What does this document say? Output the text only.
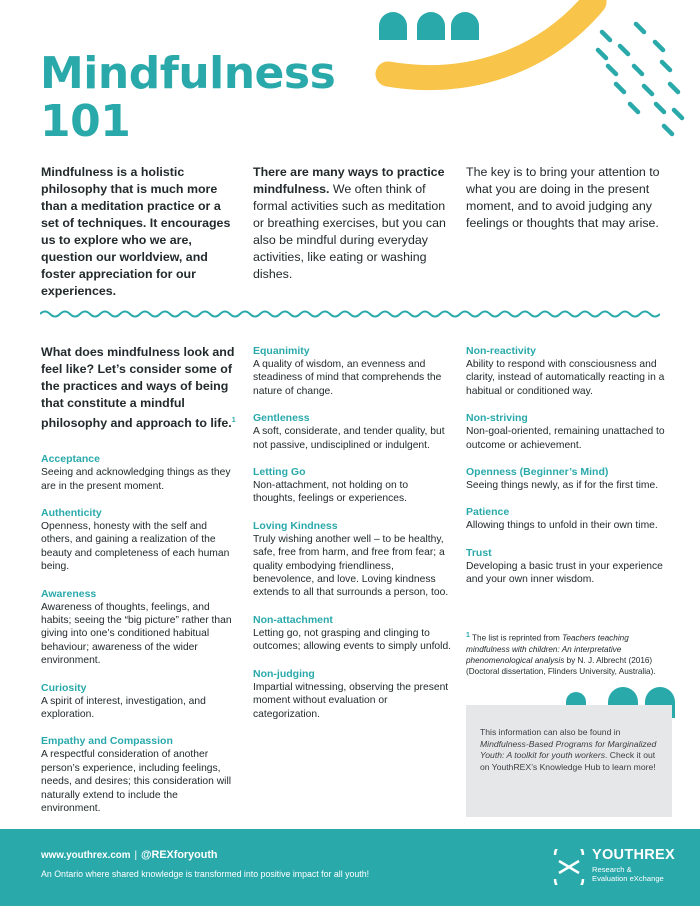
Mindfulness
101

Mindfulness is a holistic philosophy that is much more than a meditation practice or a set of techniques. It encourages us to explore who we are, question our worldview, and foster appreciation for our experiences.

There are many ways to practice mindfulness. We often think of formal activities such as meditation or breathing exercises, but you can also be mindful during everyday activities, like eating or washing dishes.

The key is to bring your attention to what you are doing in the present moment, and to avoid judging any feelings or thoughts that may arise.

What does mindfulness look and feel like? Let’s consider some of the practices and ways of being that constitute a mindful philosophy and approach to life.$^1$

Acceptance
Seeing and acknowledging things as they are in the present moment.
Authenticity
Openness, honesty with the self and others, and gaining a realization of the beauty and completeness of each human being.
Awareness
Awareness of thoughts, feelings, and habits; seeing the “big picture” rather than giving into one’s conditioned habitual behaviour; awareness of the wider environment.
Curiosity
A spirit of interest, investigation, and exploration.
Empathy and Compassion
A respectful consideration of another person’s experience, including feelings, needs, and desires; this consideration will naturally extend to include the environment.
Equanimity
A quality of wisdom, an evenness and steadiness of mind that comprehends the nature of change.
Gentleness
A soft, considerate, and tender quality, but not passive, undisciplined or indulgent.
Letting Go
Non-attachment, not holding on to thoughts, feelings or experiences.
Loving Kindness
Truly wishing another well – to be healthy, safe, free from harm, and free from fear; a quality embodying friendliness, benevolence, and love. Loving kindness extends to all that surrounds a person, too.
Non-attachment
Letting go, not grasping and clinging to outcomes; allowing events to simply unfold.
Non-judging
Impartial witnessing, observing the present moment without evaluation or categorization.
Non-reactivity
Ability to respond with consciousness and clarity, instead of automatically reacting in a habitual or conditioned way.
Non-striving
Non-goal-oriented, remaining unattached to outcome or achievement.
Openness (Beginner’s Mind)
Seeing things newly, as if for the first time.
Patience
Allowing things to unfold in their own time.
Trust
Developing a basic trust in your experience and your own inner wisdom.
$^1$ The list is reprinted from Teachers teaching mindfulness with children: An interpretative phenomenological analysis by N. J. Albrecht (2016) (Doctoral dissertation, Flinders University, Australia).
This information can also be found in Mindfulness-Based Programs for Marginalized Youth: A toolkit for youth workers. Check it out on YouthREX’s Knowledge Hub to learn more!
www.youthrex.com | @REXforyouth
An Ontario where shared knowledge is transformed into positive impact for all youth!
YOUTHREX
Research &
Evaluation eXchange
